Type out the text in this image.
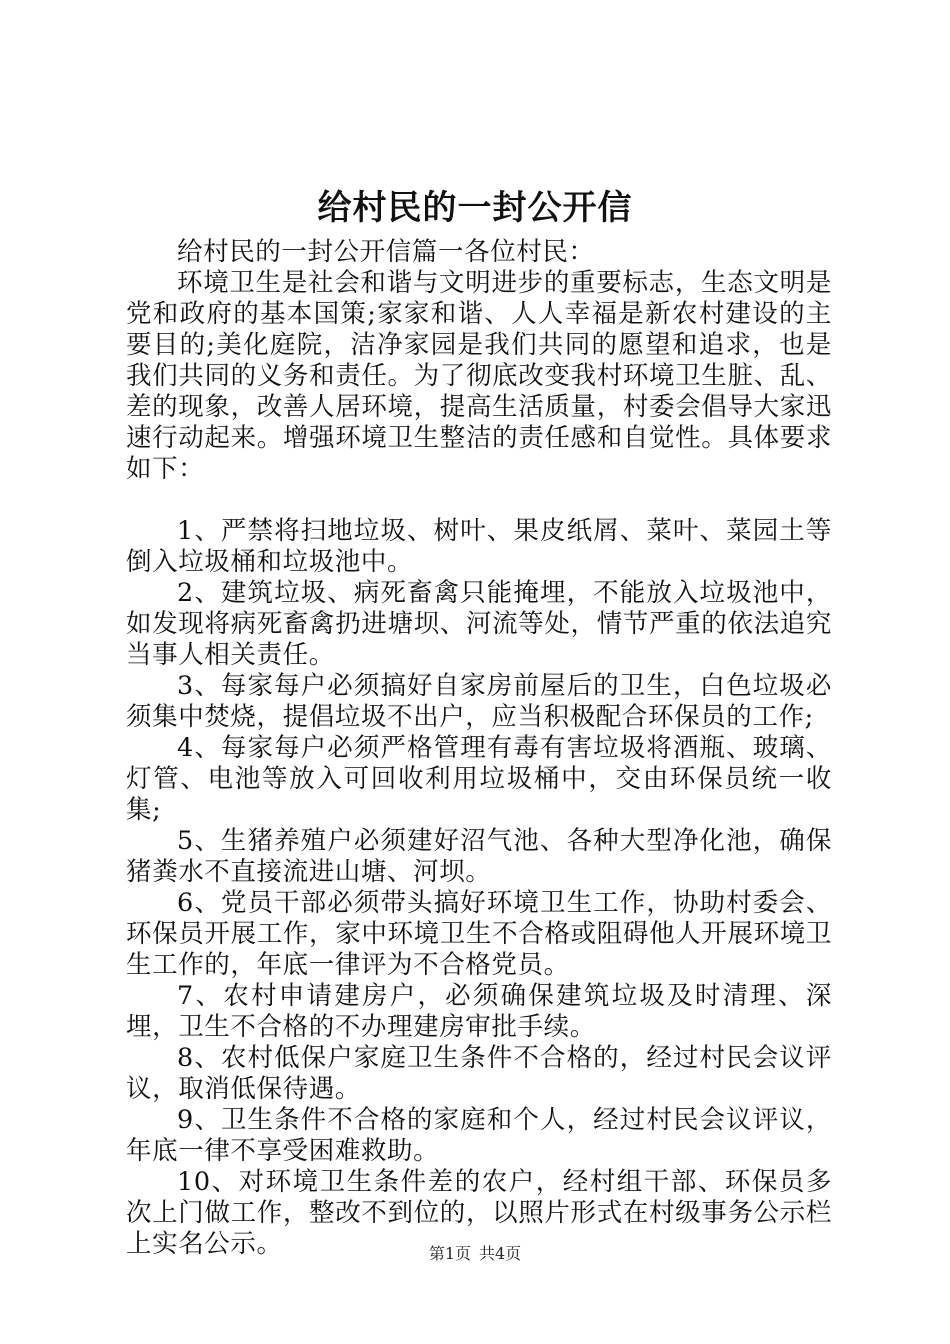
给村民的一封公开信

给村民的一封公开信篇一各位村民：

环境卫生是社会和谐与文明进步的重要标志，生态文明是党和政府的基本国策;家家和谐、人人幸福是新农村建设的主要目的;美化庭院，洁净家园是我们共同的愿望和追求，也是我们共同的义务和责任。为了彻底改变我村环境卫生脏、乱、差的现象，改善人居环境，提高生活质量，村委会倡导大家迅速行动起来。增强环境卫生整洁的责任感和自觉性。具体要求如下：

1、严禁将扫地垃圾、树叶、果皮纸屑、菜叶、菜园土等倒入垃圾桶和垃圾池中。

2、建筑垃圾、病死畜禽只能掩埋，不能放入垃圾池中，如发现将病死畜禽扔进塘坝、河流等处，情节严重的依法追究当事人相关责任。

3、每家每户必须搞好自家房前屋后的卫生，白色垃圾必须集中焚烧，提倡垃圾不出户，应当积极配合环保员的工作;

4、每家每户必须严格管理有毒有害垃圾将酒瓶、玻璃、灯管、电池等放入可回收利用垃圾桶中，交由环保员统一收集;

5、生猪养殖户必须建好沼气池、各种大型净化池，确保猪粪水不直接流进山塘、河坝。

6、党员干部必须带头搞好环境卫生工作，协助村委会、环保员开展工作，家中环境卫生不合格或阻碍他人开展环境卫生工作的，年底一律评为不合格党员。

7、农村申请建房户，必须确保建筑垃圾及时清理、深埋，卫生不合格的不办理建房审批手续。

8、农村低保户家庭卫生条件不合格的，经过村民会议评议，取消低保待遇。

9、卫生条件不合格的家庭和个人，经过村民会议评议，年底一律不享受困难救助。

10、对环境卫生条件差的农户，经村组干部、环保员多次上门做工作，整改不到位的，以照片形式在村级事务公示栏上实名公示。	第1页 共4页
